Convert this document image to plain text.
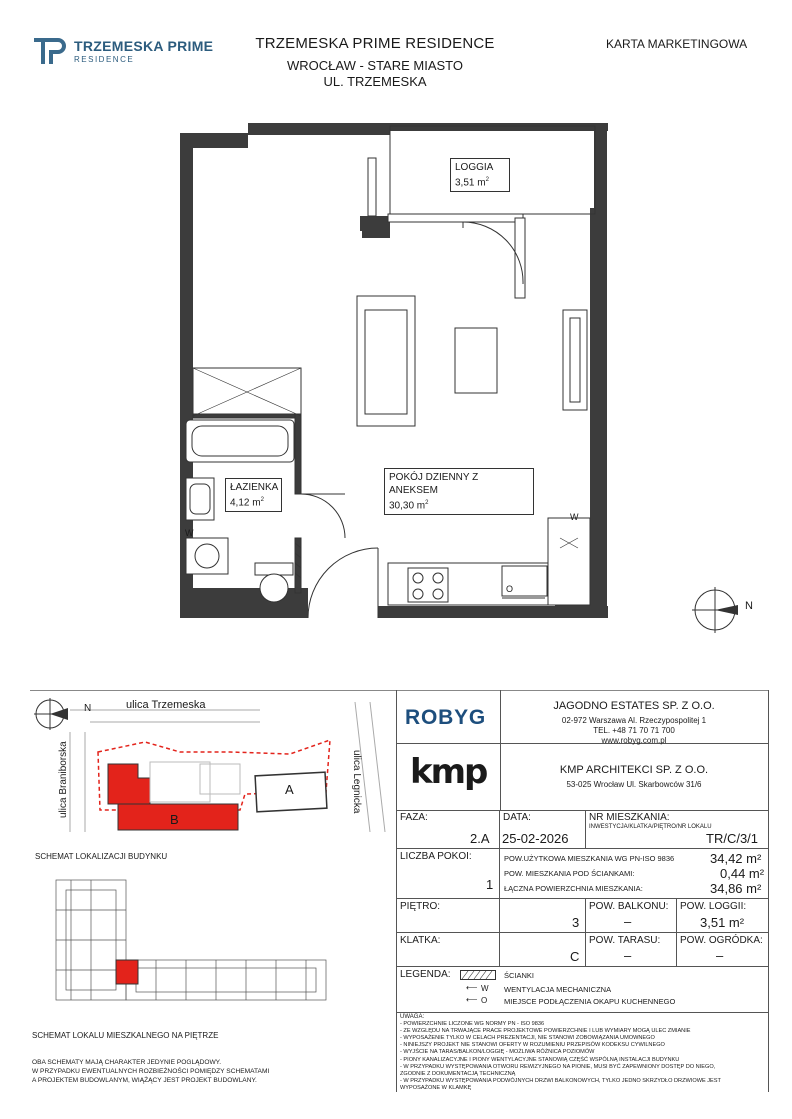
TRZEMESKA PRIME
RESIDENCE
TRZEMESKA PRIME RESIDENCE
WROCŁAW - STARE MIASTO
UL. TRZEMESKA
KARTA MARKETINGOWA
N
LOGGIA
3,51 $m^2$
ŁAZIENKA
4,12 $m^2$
POKÓJ DZIENNY Z ANEKSEM
30,30 $m^2$
W
W
O
N	ulica Trzemeska
ulica Braniborska	ulica Legnicka
A
B
SCHEMAT LOKALIZACJI BUDYNKU
SCHEMAT LOKALU MIESZKALNEGO NA PIĘTRZE
OBA SCHEMATY MAJĄ CHARAKTER JEDYNIE POGLĄDOWY.
W PRZYPADKU EWENTUALNYCH ROZBIEŻNOŚCI POMIĘDZY SCHEMATAMI
A PROJEKTEM BUDOWLANYM, WIĄŻĄCY JEST PROJEKT BUDOWLANY.
ROBYG	JAGODNO ESTATES SP. Z O.O.
02-972 Warszawa Al. Rzeczypospolitej 1
TEL. +48 71 70 71 700
www.robyg.com.pl
kmp	KMP ARCHITEKCI SP. Z O.O.
53-025 Wrocław Ul. Skarbowców 31/6
FAZA:
2.A
DATA:
25-02-2026
NR MIESZKANIA:
INWESTYCJA/KLATKA/PIĘTRO/NR LOKALU
TR/C/3/1
LICZBA POKOI:
1
POW.UŻYTKOWA MIESZKANIA WG PN-ISO 9836	34,42 m²
POW. MIESZKANIA POD ŚCIANKAMI:	0,44 m²
ŁĄCZNA POWIERZCHNIA MIESZKANIA:	34,86 m²
PIĘTRO:
3
POW. BALKONU:
–
POW. LOGGII:
3,51 m²
KLATKA:
C
POW. TARASU:
–
POW. OGRÓDKA:
–
LEGENDA:	ŚCIANKI
⟵ W WENTYLACJA MECHANICZNA
⟵ O MIEJSCE PODŁĄCZENIA OKAPU KUCHENNEGO
UWAGA:
- POWIERZCHNIE LICZONE WG NORMY PN - ISO 9836
- ZE WZGLĘDU NA TRWAJĄCE PRACE PROJEKTOWE POWIERZCHNIE I LUB WYMIARY MOGĄ ULEC ZMIANIE
- WYPOSAŻENIE TYLKO W CELACH PREZENTACJI, NIE STANOWI ZOBOWIĄZANIA UMOWNEGO
- NINIEJSZY PROJEKT NIE STANOWI OFERTY W ROZUMIENIU PRZEPISÓW KODEKSU CYWILNEGO
- WYJŚCIE NA TARAS/BALKON/LOGGIĘ - MOŻLIWA RÓŻNICA POZIOMÓW
- PIONY KANALIZACYJNE I PIONY WENTYLACYJNE STANOWIĄ CZĘŚĆ WSPÓLNĄ INSTALACJI BUDYNKU
- W PRZYPADKU WYSTĘPOWANIA OTWORU REWIZYJNEGO NA PIONIE, MUSI BYĆ ZAPEWNIONY DOSTĘP DO NIEGO,
ZGODNIE Z DOKUMENTACJĄ TECHNICZNĄ
- W PRZYPADKU WYSTĘPOWANIA PODWÓJNYCH DRZWI BALKONOWYCH, TYLKO JEDNO SKRZYDŁO DRZWIOWE JEST
WYPOSAŻONE W KLAMKĘ
